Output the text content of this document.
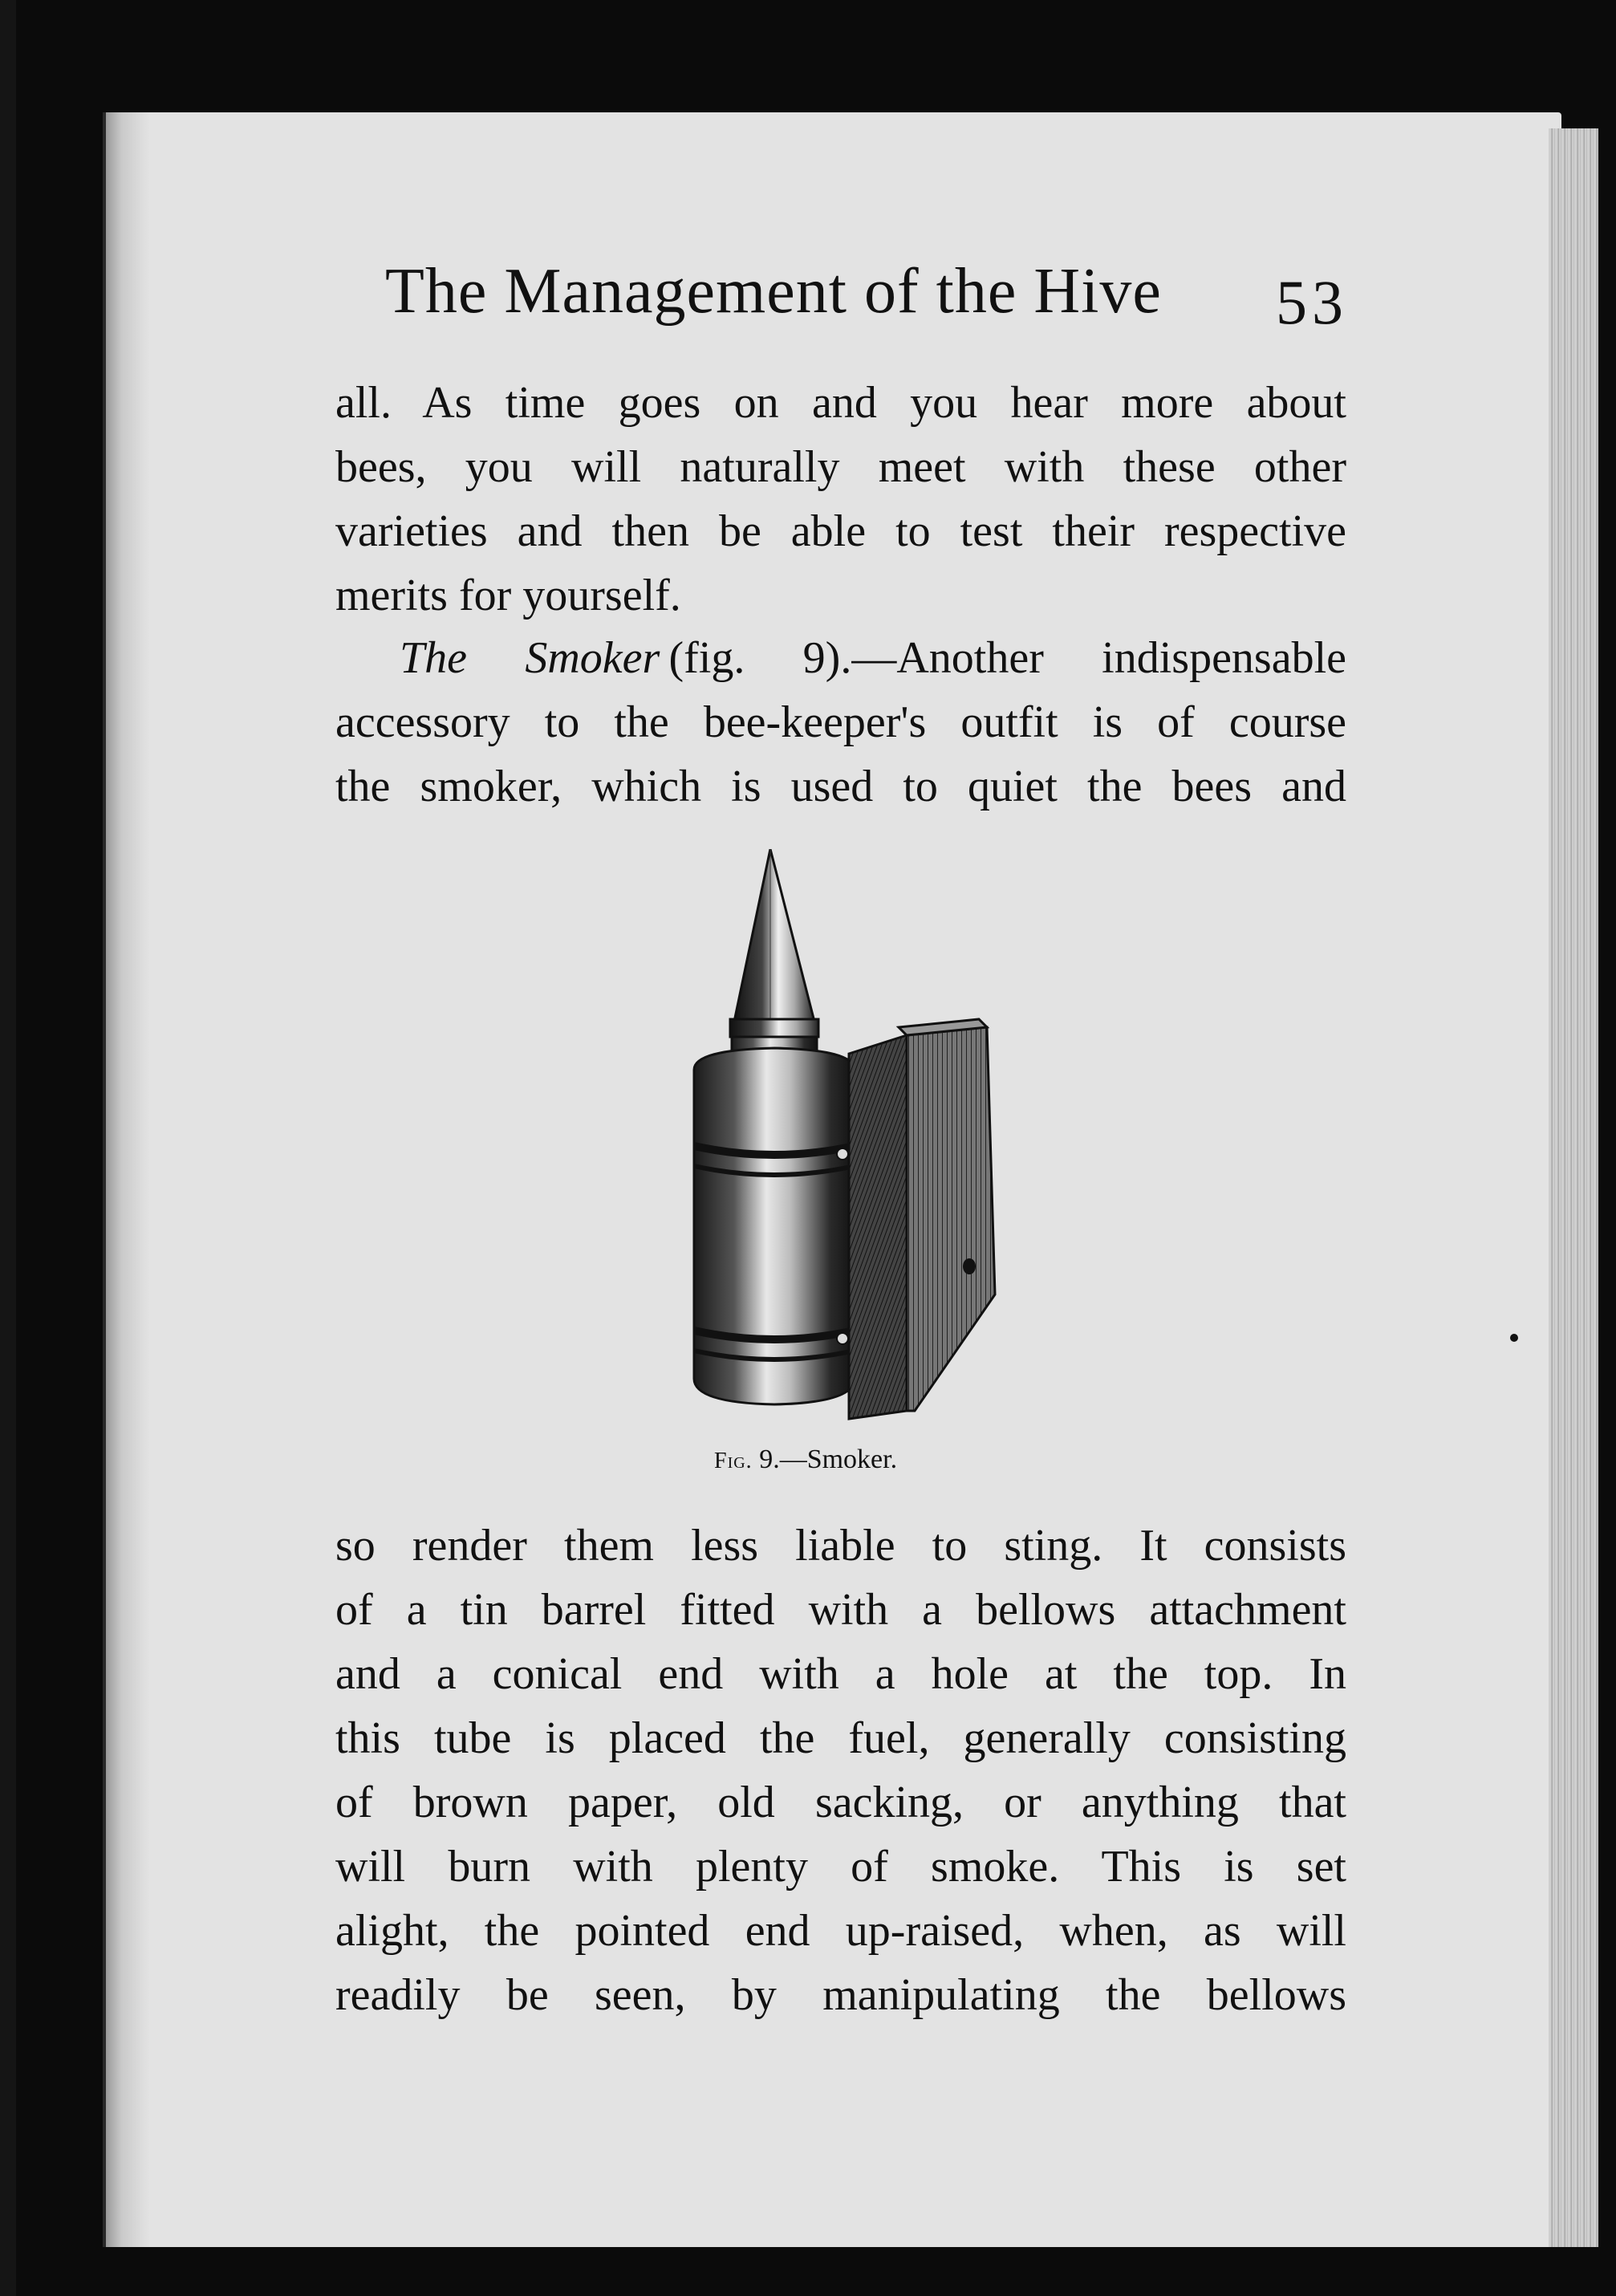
The Management of the Hive	53
all. As time goes on and you hear more about
bees, you will naturally meet with these other
varieties and then be able to test their respective
merits for yourself.
The Smoker  (fig. 9).—Another indispensable
accessory to the bee-keeper's outfit is of course
the smoker, which is used to quiet the bees and
Fig. 9.—Smoker.
so render them less liable to sting. It consists
of a tin barrel fitted with a bellows attachment
and a conical end with a hole at the top. In
this tube is placed the fuel, generally consisting
of brown paper, old sacking, or anything that
will burn with plenty of smoke. This is set
alight, the pointed end up-raised, when, as will
readily be seen, by manipulating the bellows
